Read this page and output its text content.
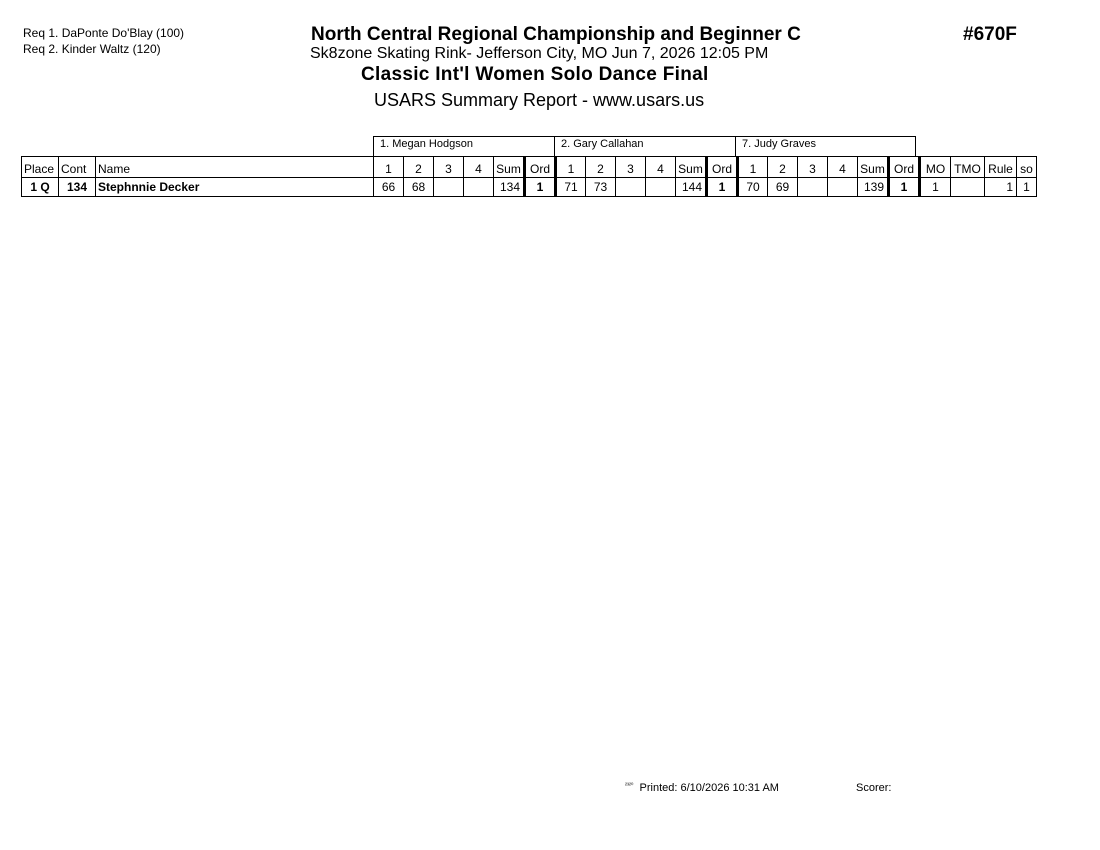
Req 1. DaPonte Do'Blay (100)
Req 2. Kinder Waltz (120)
North Central Regional Championship and Beginner C
Sk8zone Skating Rink- Jefferson City, MO Jun 7, 2026 12:05 PM
Classic Int'l Women Solo Dance Final
USARS Summary Report - www.usars.us
#670F
1. Megan Hodgson	2. Gary Callahan	7. Judy Graves
Place	Cont	Name	1	2	3	4	Sum	Ord	1	2	3	4	Sum	Ord	1	2	3	4	Sum	Ord	MO	TMO	Rule	so
1 Q	134	Stephnnie Decker	66	68			134	1	71	73			144	1	70	69			139	1	1		1	1
$^{^{2320}}$ Printed: 6/10/2026 10:31 AM	Scorer:
